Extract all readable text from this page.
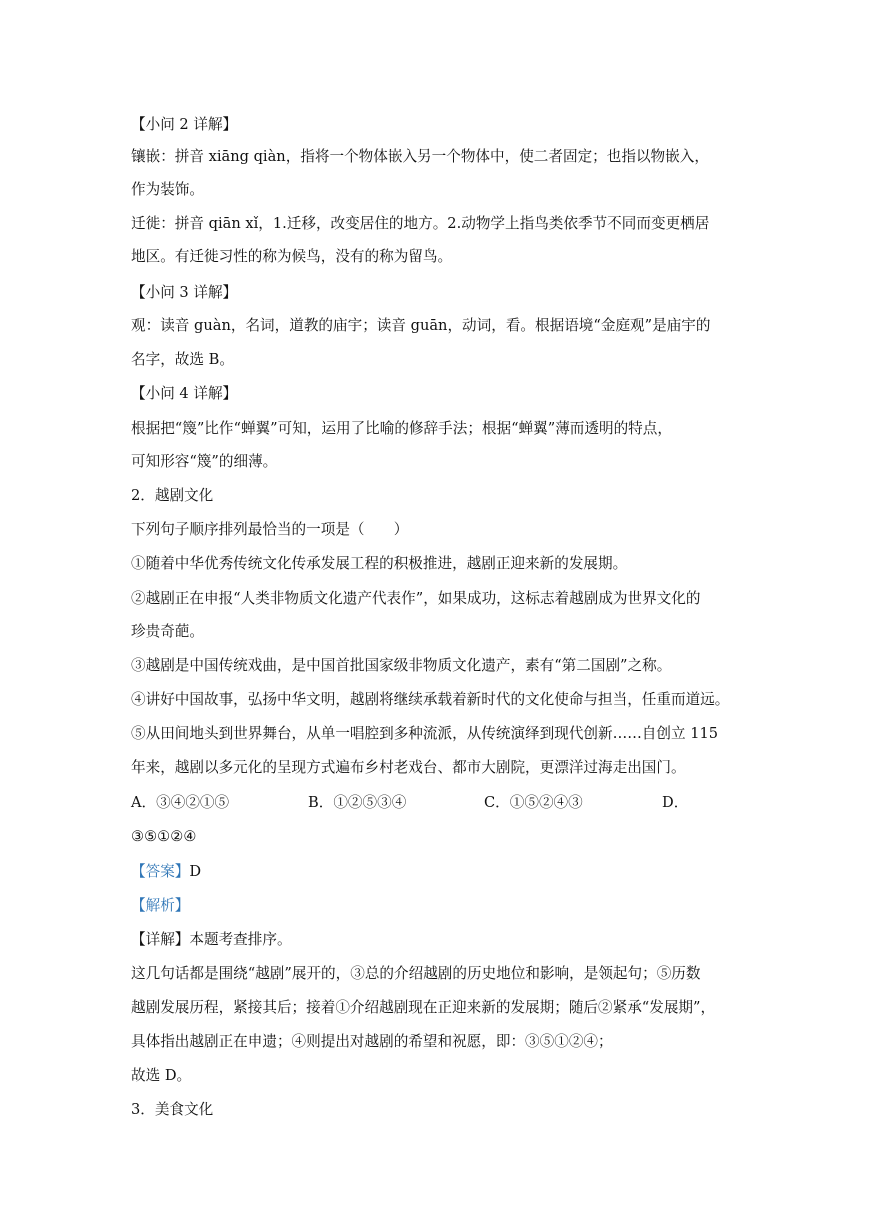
【小问 2 详解】

镶嵌：拼音 xiāng qiàn，指将一个物体嵌入另一个物体中，使二者固定；也指以物嵌入，

作为装饰。

迁徙：拼音 qiān xǐ，1.迁移，改变居住的地方。2.动物学上指鸟类依季节不同而变更栖居

地区。有迁徙习性的称为候鸟，没有的称为留鸟。

【小问 3 详解】

观：读音 guàn，名词，道教的庙宇；读音 guān，动词，看。根据语境“金庭观”是庙宇的

名字，故选 B。

【小问 4 详解】

根据把“篾”比作“蝉翼”可知，运用了比喻的修辞手法；根据“蝉翼”薄而透明的特点，

可知形容“篾”的细薄。

2．越剧文化

下列句子顺序排列最恰当的一项是（　　）

①随着中华优秀传统文化传承发展工程的积极推进，越剧正迎来新的发展期。

②越剧正在申报“人类非物质文化遗产代表作”，如果成功，这标志着越剧成为世界文化的

珍贵奇葩。

③越剧是中国传统戏曲，是中国首批国家级非物质文化遗产，素有“第二国剧”之称。

④讲好中国故事，弘扬中华文明，越剧将继续承载着新时代的文化使命与担当，任重而道远。

⑤从田间地头到世界舞台，从单一唱腔到多种流派，从传统演绎到现代创新……自创立 115

年来，越剧以多元化的呈现方式遍布乡村老戏台、都市大剧院，更漂洋过海走出国门。

A．③④②①⑤	B．①②⑤③④	C．①⑤②④③	D．

③⑤①②④

【答案】D

【解析】

【详解】本题考查排序。

这几句话都是围绕“越剧”展开的，③总的介绍越剧的历史地位和影响，是领起句；⑤历数

越剧发展历程，紧接其后；接着①介绍越剧现在正迎来新的发展期；随后②紧承“发展期”，

具体指出越剧正在申遗；④则提出对越剧的希望和祝愿，即：③⑤①②④；

故选 D。

3．美食文化
